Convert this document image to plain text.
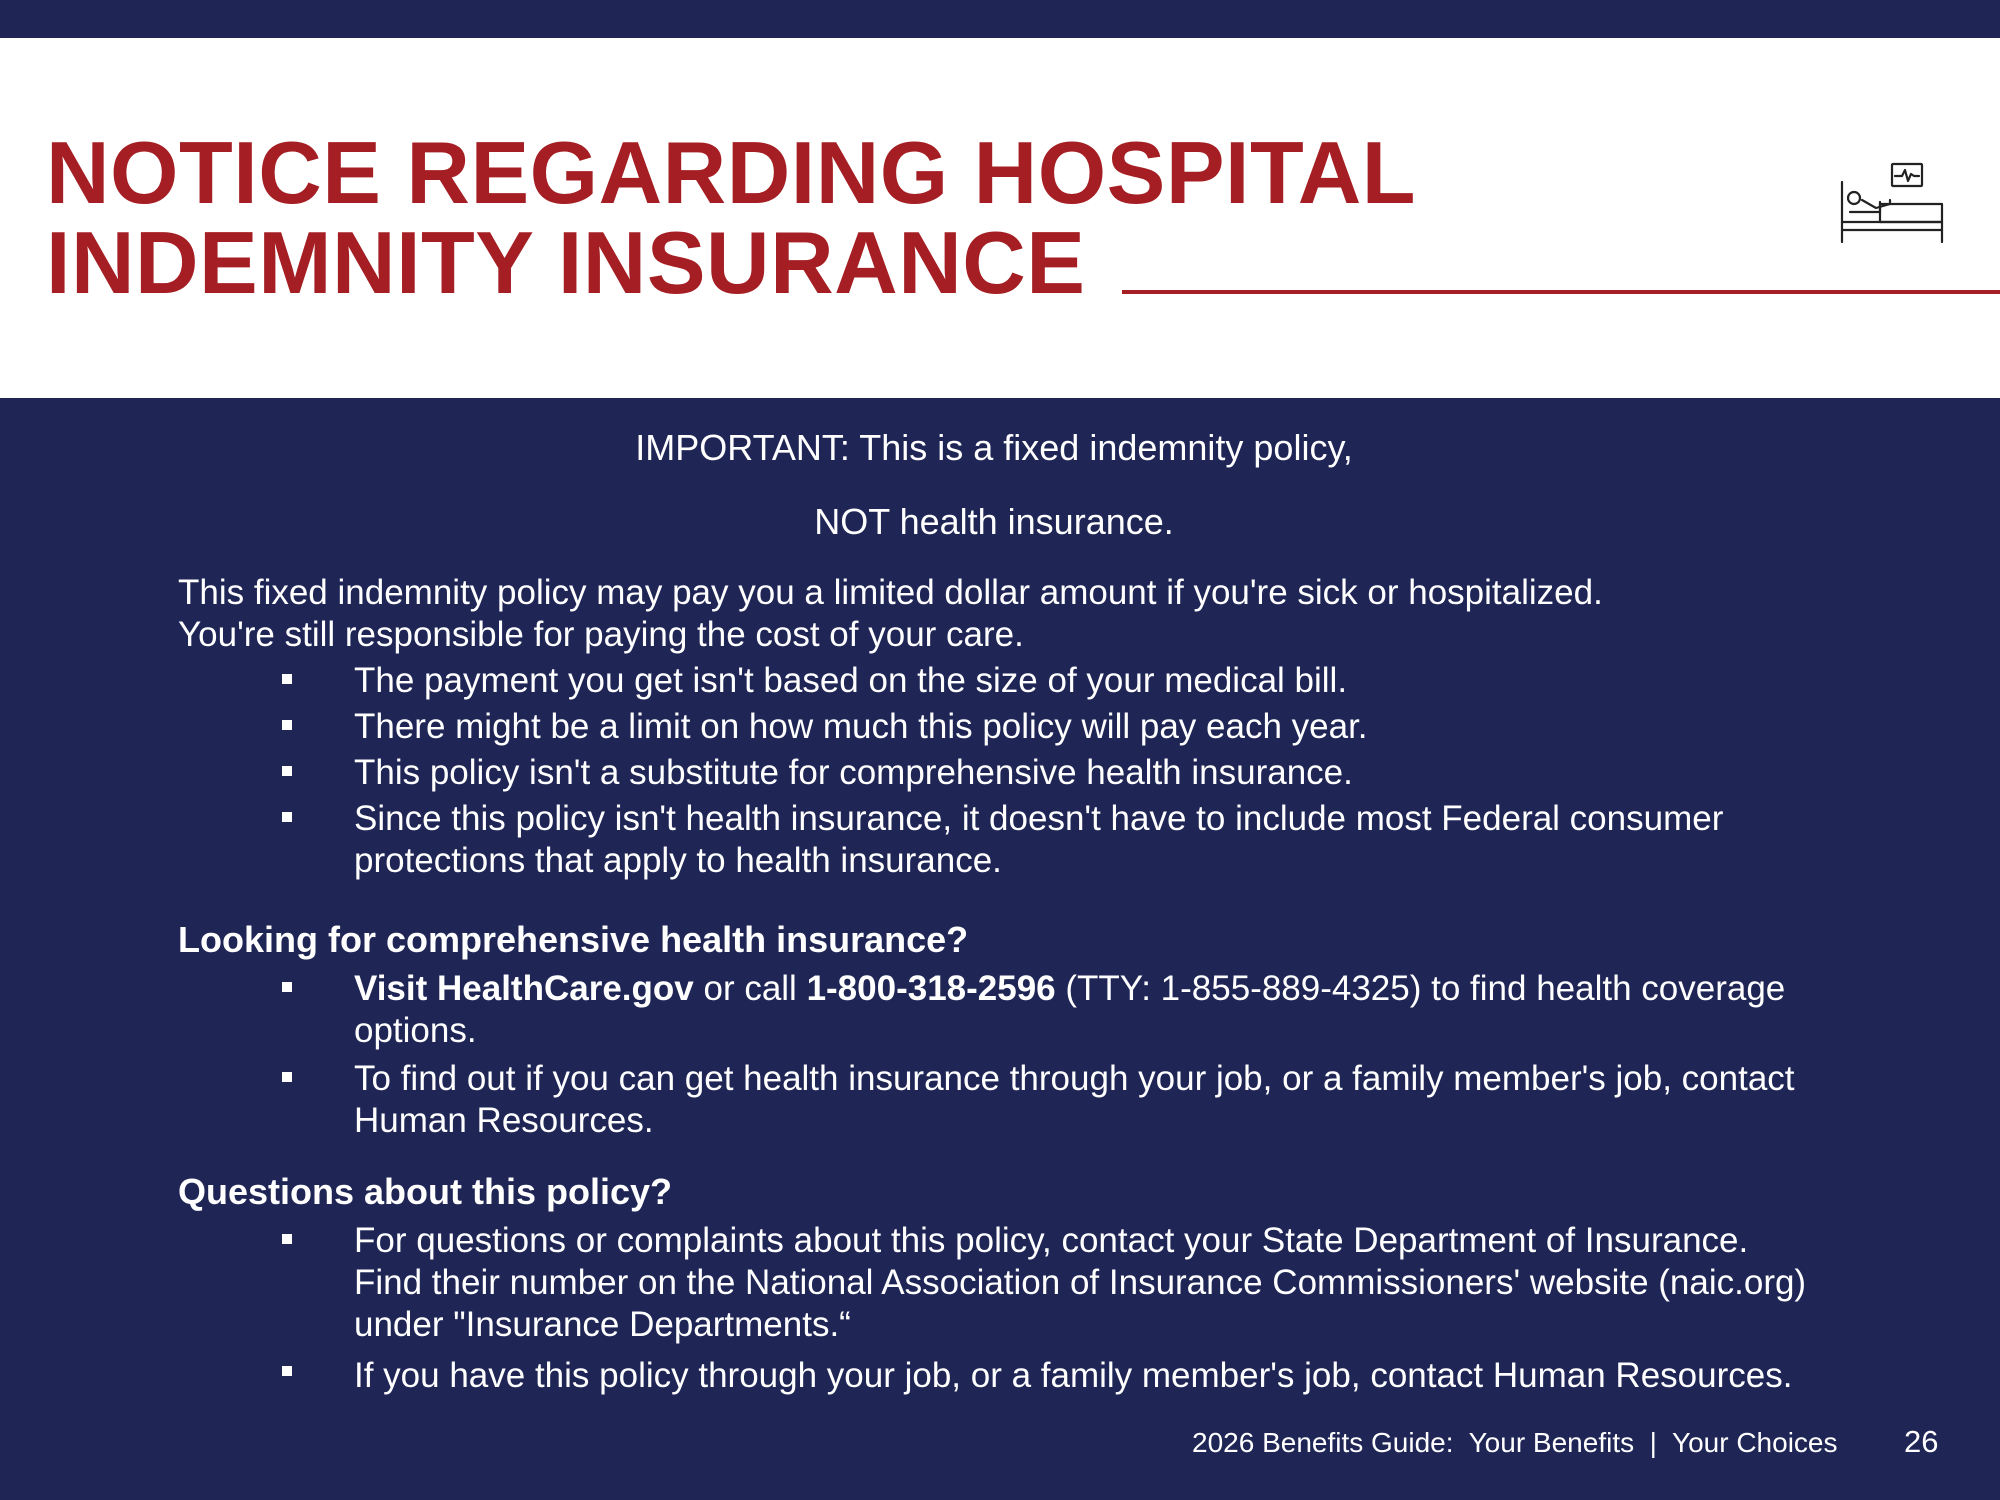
NOTICE REGARDING HOSPITAL
INDEMNITY INSURANCE

IMPORTANT: This is a fixed indemnity policy,

NOT health insurance.

This fixed indemnity policy may pay you a limited dollar amount if you're sick or hospitalized.
You're still responsible for paying the cost of your care.

The payment you get isn't based on the size of your medical bill.
There might be a limit on how much this policy will pay each year.
This policy isn't a substitute for comprehensive health insurance.
Since this policy isn't health insurance, it doesn't have to include most Federal consumer protections that apply to health insurance.
Looking for comprehensive health insurance?
Visit HealthCare.gov or call 1-800-318-2596 (TTY: 1-855-889-4325) to find health coverage options.
To find out if you can get health insurance through your job, or a family member's job, contact Human Resources.
Questions about this policy?
For questions or complaints about this policy, contact your State Department of Insurance. Find their number on the National Association of Insurance Commissioners' website (naic.org) under "Insurance Departments.“
If you have this policy through your job, or a family member's job, contact Human Resources.
2026 Benefits Guide:  Your Benefits  |  Your Choices 26
